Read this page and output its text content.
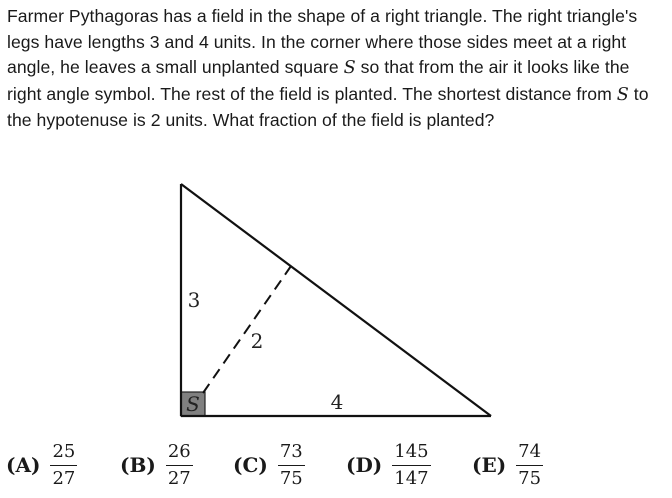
Farmer Pythagoras has a field in the shape of a right triangle. The right triangle's legs have lengths 3 and 4 units. In the corner where those sides meet at a right angle, he leaves a small unplanted square S so that from the air it looks like the right angle symbol. The rest of the field is planted. The shortest distance from S to the hypotenuse is 2 units. What fraction of the field is planted?
S
3
4
2
$(A) \frac{25}{27} (B) \frac{26}{27} (C) \frac{73}{75} (D) \frac{145}{147} (E) \frac{74}{75}$
